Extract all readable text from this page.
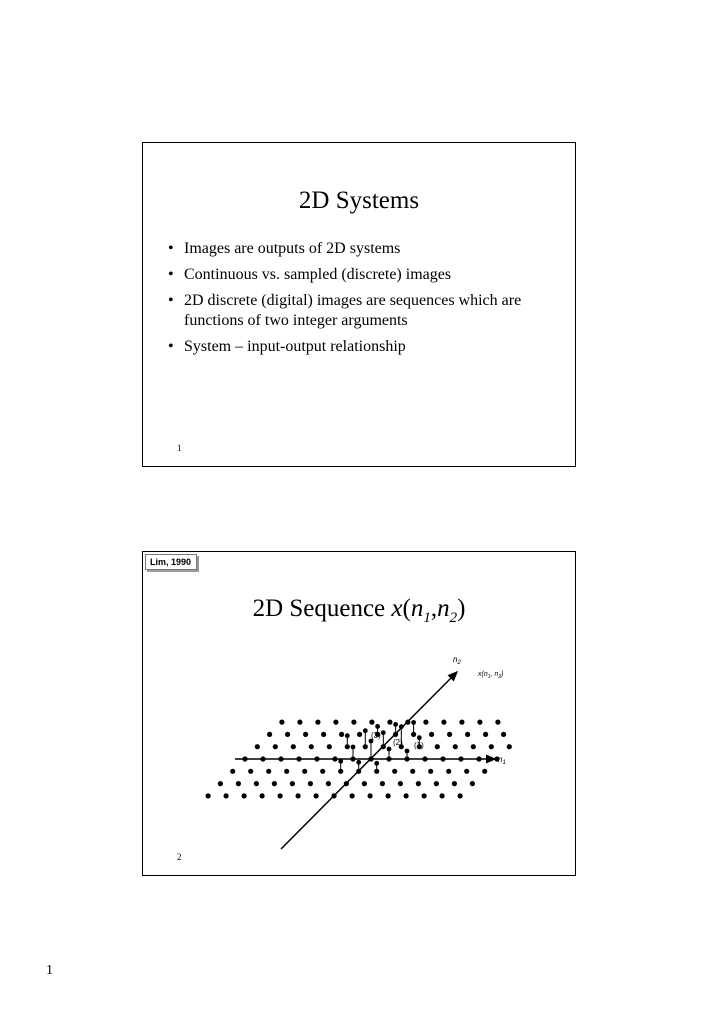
2D Systems
• Images are outputs of 2D systems
• Continuous vs. sampled (discrete) images
• 2D discrete (digital) images are sequences which are functions of two integer arguments
• System – input-output relationship
1
Lim, 1990
2D Sequence $x(n_1,n_2)$
$n_2$
$x(n_1$, $n_2$)
$n_1$
(3)
(2) (1)
2
1
